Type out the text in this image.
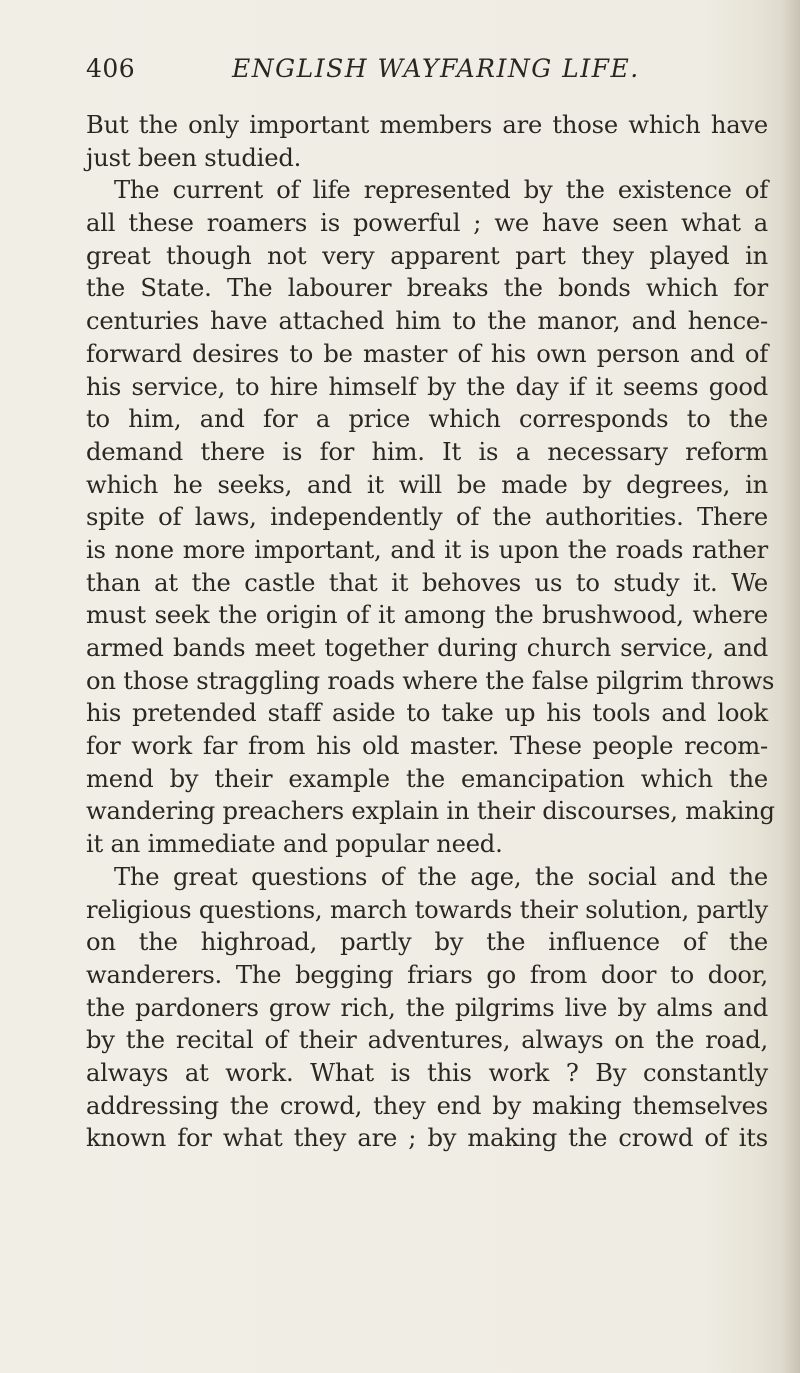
406	ENGLISH WAYFARING LIFE.
But the only important members are those which have
just been studied.
The current of life represented by the existence of
all these roamers is powerful ; we have seen what a
great though not very apparent part they played in
the State. The labourer breaks the bonds which for
centuries have attached him to the manor, and hence-
forward desires to be master of his own person and of
his service, to hire himself by the day if it seems good
to him, and for a price which corresponds to the
demand there is for him. It is a necessary reform
which he seeks, and it will be made by degrees, in
spite of laws, independently of the authorities. There
is none more important, and it is upon the roads rather
than at the castle that it behoves us to study it. We
must seek the origin of it among the brushwood, where
armed bands meet together during church service, and
on those straggling roads where the false pilgrim throws
his pretended staff aside to take up his tools and look
for work far from his old master. These people recom-
mend by their example the emancipation which the
wandering preachers explain in their discourses, making
it an immediate and popular need.
The great questions of the age, the social and the
religious questions, march towards their solution, partly
on the highroad, partly by the influence of the
wanderers. The begging friars go from door to door,
the pardoners grow rich, the pilgrims live by alms and
by the recital of their adventures, always on the road,
always at work. What is this work ? By constantly
addressing the crowd, they end by making themselves
known for what they are ; by making the crowd of its
